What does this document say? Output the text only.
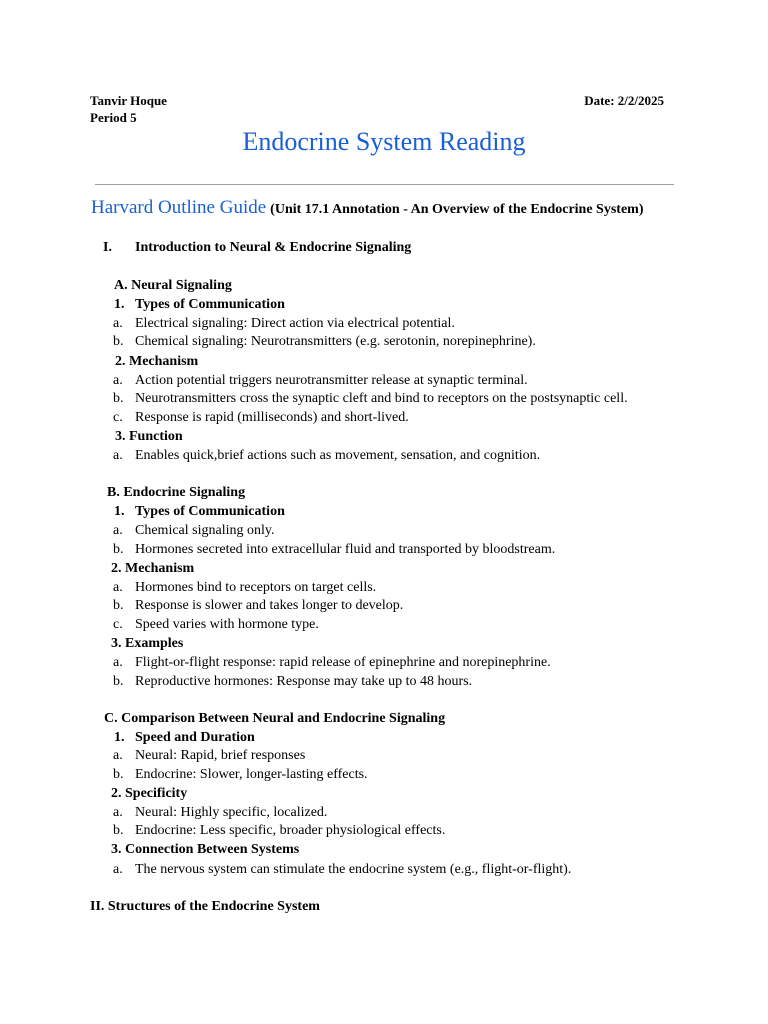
Tanvir Hoque
Period 5
Date: 2/2/2025
Endocrine System Reading
Harvard Outline Guide (Unit 17.1 Annotation - An Overview of the Endocrine System)
I. Introduction to Neural & Endocrine Signaling
A. Neural Signaling
1. Types of Communication
a. Electrical signaling: Direct action via electrical potential.
b. Chemical signaling: Neurotransmitters (e.g. serotonin, norepinephrine).
2. Mechanism
a. Action potential triggers neurotransmitter release at synaptic terminal.
b. Neurotransmitters cross the synaptic cleft and bind to receptors on the postsynaptic cell.
c. Response is rapid (milliseconds) and short-lived.
3. Function
a. Enables quick,brief actions such as movement, sensation, and cognition.
B. Endocrine Signaling
1. Types of Communication
a. Chemical signaling only.
b. Hormones secreted into extracellular fluid and transported by bloodstream.
2. Mechanism
a. Hormones bind to receptors on target cells.
b. Response is slower and takes longer to develop.
c. Speed varies with hormone type.
3. Examples
a. Flight-or-flight response: rapid release of epinephrine and norepinephrine.
b. Reproductive hormones: Response may take up to 48 hours.
C. Comparison Between Neural and Endocrine Signaling
1. Speed and Duration
a. Neural: Rapid, brief responses
b. Endocrine: Slower, longer-lasting effects.
2. Specificity
a. Neural: Highly specific, localized.
b. Endocrine: Less specific, broader physiological effects.
3. Connection Between Systems
a. The nervous system can stimulate the endocrine system (e.g., flight-or-flight).
II. Structures of the Endocrine System
